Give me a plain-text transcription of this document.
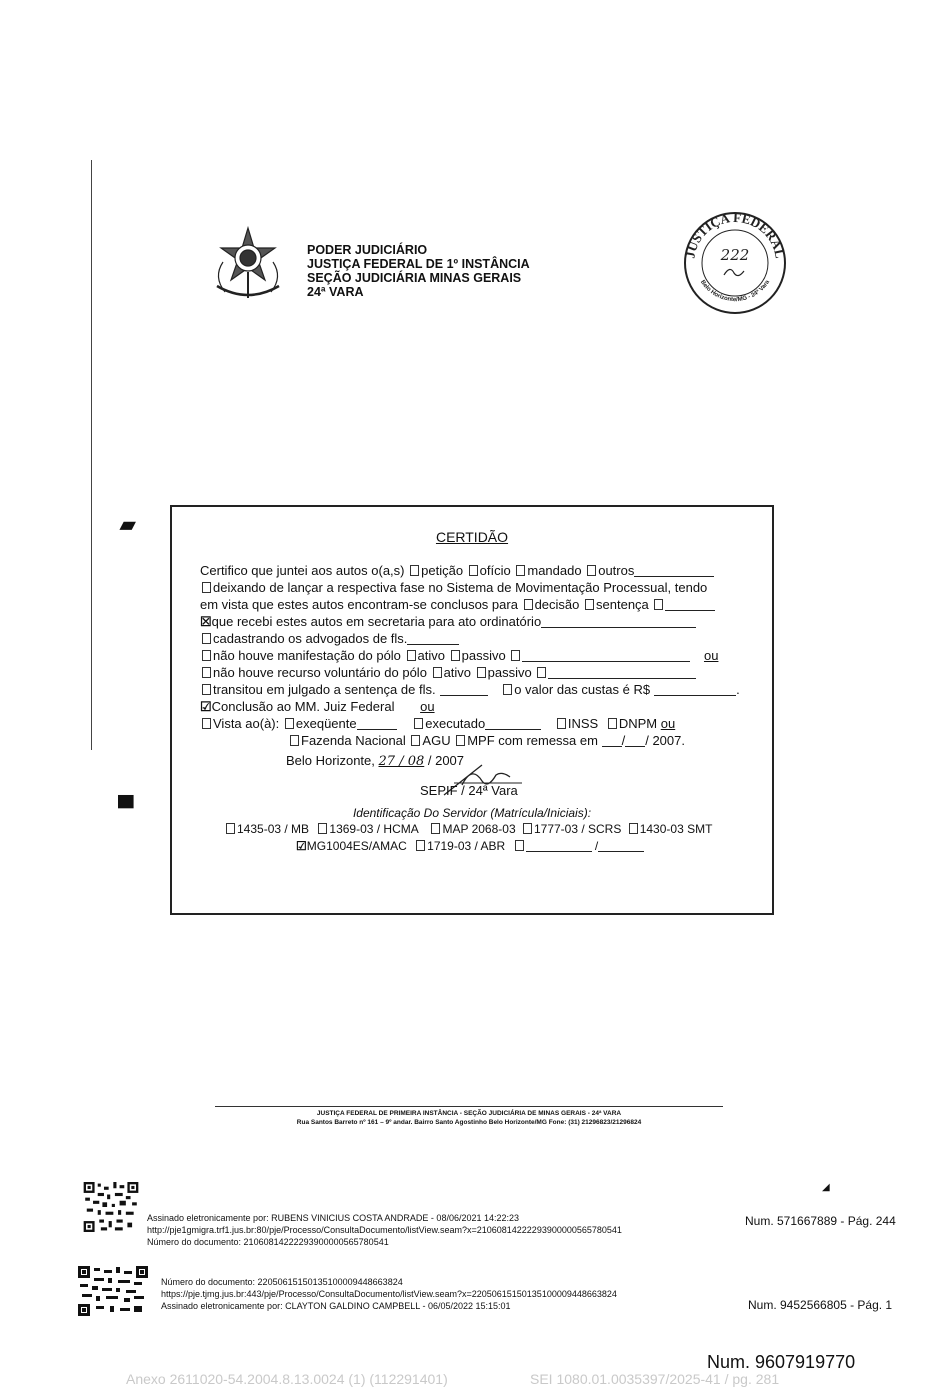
PODER JUDICIÁRIO
JUSTIÇA FEDERAL DE 1º INSTÂNCIA
SEÇÃO JUDICIÁRIA MINAS GERAIS
24ª VARA
JUSTIÇA FEDERAL
Belo Horizonte/MG - 24ª Vara
222
▰
▀
CERTIDÃO
Certifico que juntei aos autos o(a,s) petição ofício mandado outros
deixando de lançar a respectiva fase no Sistema de Movimentação Processual, tendo
em vista que estes autos encontram-se conclusos para decisão sentença
☒que recebi estes autos em secretaria para ato ordinatório
cadastrando os advogados de fls.
não houve manifestação do pólo ativo passivo	ou
não houve recurso voluntário do pólo ativo passivo
transitou em julgado a sentença de fls.	o valor das custas é R$	.
☑Conclusão ao MM. Juiz Federal ou
Vista ao(à): exeqüente	executado	INSS DNPM ou
Fazenda Nacional AGU MPF com remessa em / / 2007.
Belo Horizonte, 27 / 08 / 2007
SEPIF / 24ª Vara
Identificação Do Servidor (Matrícula/Iniciais):
1435-03 / MB 1369-03 / HCMA MAP 2068-03 1777-03 / SCRS 1430-03 SMT
☑MG1004ES/AMAC 1719-03 / ABR	/
JUSTIÇA FEDERAL DE PRIMEIRA INSTÂNCIA - SEÇÃO JUDICIÁRIA DE MINAS GERAIS - 24ª VARA
Rua Santos Barreto nº 161 – 9º andar. Bairro Santo Agostinho Belo Horizonte/MG Fone: (31) 21296823/21296824
Assinado eletronicamente por: RUBENS VINICIUS COSTA ANDRADE - 08/06/2021 14:22:23
http://pje1gmigra.trf1.jus.br:80/pje/Processo/ConsultaDocumento/listView.seam?x=21060814222293900000565780541
Número do documento: 21060814222293900000565780541
Num. 571667889 - Pág. 244
◢
Número do documento: 22050615150135100009448663824
https://pje.tjmg.jus.br:443/pje/Processo/ConsultaDocumento/listView.seam?x=22050615150135100009448663824
Assinado eletronicamente por: CLAYTON GALDINO CAMPBELL - 06/05/2022 15:15:01	Num. 9452566805 - Pág. 1
Num. 9607919770
Anexo 2611020-54.2004.8.13.0024 (1) (112291401)	SEI 1080.01.0035397/2025-41 / pg. 281
